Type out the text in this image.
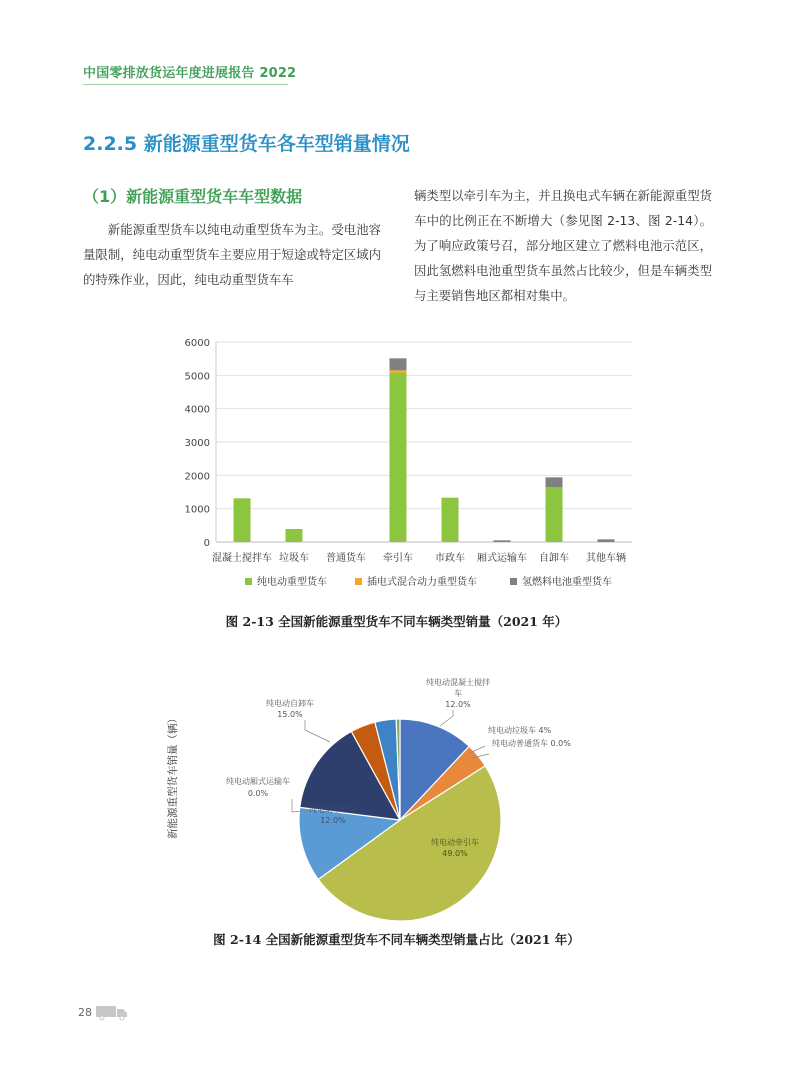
中国零排放货运年度进展报告 2022
2.2.5 新能源重型货车各车型销量情况
（1）新能源重型货车车型数据
新能源重型货车以纯电动重型货车为主。受电池容量限制，纯电动重型货车主要应用于短途或特定区域内的特殊作业，因此，纯电动重型货车车
辆类型以牵引车为主，并且换电式车辆在新能源重型货车中的比例正在不断增大（参见图 2-13、图 2-14）。为了响应政策号召，部分地区建立了燃料电池示范区，因此氢燃料电池重型货车虽然占比较少，但是车辆类型与主要销售地区都相对集中。
0
1000
2000
3000
4000
5000
6000
混凝土搅拌车 垃圾车 普通货车 牵引车 市政车 厢式运输车 自卸车 其他车辆
新能源重型货车销量（辆）
纯电动重型货车	插电式混合动力重型货车	氢燃料电池重型货车
图 2-13 全国新能源重型货车不同车辆类型销量（2021 年）
纯电动混凝土搅拌
车
12.0%
纯电动垃圾车 4%
纯电动普通货车 0.0%
纯电动自卸车
15.0%
纯电动厢式运输车
0.0%
纯电动市政车
12.0%
纯电动牵引车
49.0%
图 2-14 全国新能源重型货车不同车辆类型销量占比（2021 年）
28
